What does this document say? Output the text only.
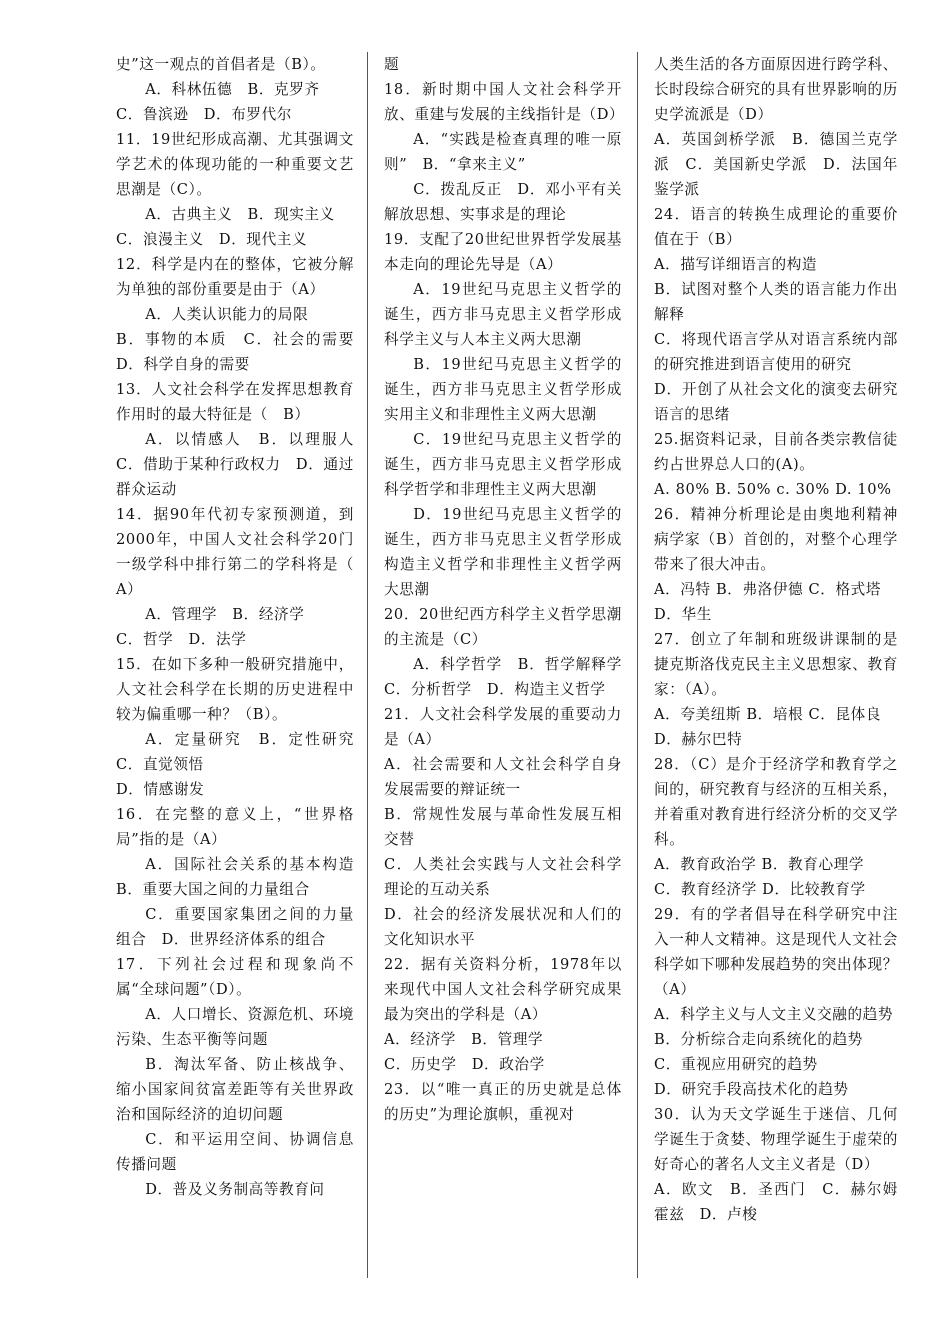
史”这一观点的首倡者是（B）。

A．科林伍德　B．克罗齐

C．鲁滨逊　D．布罗代尔

11．19世纪形成高潮、尤其强调文学艺术的体现功能的一种重要文艺思潮是（C）。

A．古典主义　B．现实主义

C．浪漫主义　D．现代主义

12．科学是内在的整体，它被分解为单独的部份重要是由于（A）

A．人类认识能力的局限

B．事物的本质　C．社会的需要　D．科学自身的需要

13．人文社会科学在发挥思想教育作用时的最大特征是（　B）

A．以情感人　B．以理服人　C．借助于某种行政权力　D．通过群众运动

14．据90年代初专家预测道，到2000年，中国人文社会科学20门一级学科中排行第二的学科将是（　A）

A．管理学　B．经济学

C．哲学　D．法学

15．在如下多种一般研究措施中，人文社会科学在长期的历史进程中较为偏重哪一种？（B）。

A．定量研究　B．定性研究　C．直觉领悟

D．情感谢发

16．在完整的意义上，“世界格局”指的是（A）

A．国际社会关系的基本构造　B．重要大国之间的力量组合

C．重要国家集团之间的力量组合　D．世界经济体系的组合

17．下列社会过程和现象尚不属“全球问题”（D）。

A．人口增长、资源危机、环境污染、生态平衡等问题

B．淘汰军备、防止核战争、缩小国家间贫富差距等有关世界政治和国际经济的迫切问题

C．和平运用空间、协调信息传播问题

D．普及义务制高等教育问

题

18．新时期中国人文社会科学开放、重建与发展的主线指针是（D）

A．“实践是检查真理的唯一原则”　B．“拿来主义”

C．拨乱反正　D．邓小平有关解放思想、实事求是的理论

19．支配了20世纪世界哲学发展基本走向的理论先导是（A）

A．19世纪马克思主义哲学的诞生，西方非马克思主义哲学形成科学主义与人本主义两大思潮

B．19世纪马克思主义哲学的诞生，西方非马克思主义哲学形成实用主义和非理性主义两大思潮

C．19世纪马克思主义哲学的诞生，西方非马克思主义哲学形成科学哲学和非理性主义两大思潮

D．19世纪马克思主义哲学的诞生，西方非马克思主义哲学形成构造主义哲学和非理性主义哲学两大思潮

20．20世纪西方科学主义哲学思潮的主流是（C）

A．科学哲学　B．哲学解释学　C．分析哲学　D．构造主义哲学

21．人文社会科学发展的重要动力是（A）

A．社会需要和人文社会科学自身发展需要的辩证统一

B．常规性发展与革命性发展互相交替

C．人类社会实践与人文社会科学理论的互动关系

D．社会的经济发展状况和人们的文化知识水平

22．据有关资料分析，1978年以来现代中国人文社会科学研究成果最为突出的学科是（A）

A．经济学　B．管理学

C．历史学　D．政治学

23．以“唯一真正的历史就是总体的历史”为理论旗帜，重视对

人类生活的各方面原因进行跨学科、长时段综合研究的具有世界影响的历史学流派是（D）

A．英国剑桥学派　B．德国兰克学派　C．美国新史学派　D．法国年鉴学派

24．语言的转换生成理论的重要价值在于（B）

A．描写详细语言的构造

B．试图对整个人类的语言能力作出解释

C．将现代语言学从对语言系统内部的研究推进到语言使用的研究

D．开创了从社会文化的演变去研究语言的思绪

25.据资料记录，目前各类宗教信徒约占世界总人口的(A)。

A. 80% B. 50% c. 30% D. 10%

26．精神分析理论是由奥地利精神病学家（B）首创的，对整个心理学带来了很大冲击。

A．冯特 B．弗洛伊德 C．格式塔

D．华生

27．创立了年制和班级讲课制的是捷克斯洛伐克民主主义思想家、教育家：（A）。

A．夸美纽斯 B．培根 C．昆体良

D．赫尔巴特

28．（C）是介于经济学和教育学之间的，研究教育与经济的互相关系，并着重对教育进行经济分析的交叉学科。

A．教育政治学 B．教育心理学

C．教育经济学 D．比较教育学

29．有的学者倡导在科学研究中注入一种人文精神。这是现代人文社会科学如下哪种发展趋势的突出体现？（A）

A．科学主义与人文主义交融的趋势

B．分析综合走向系统化的趋势

C．重视应用研究的趋势

D．研究手段高技术化的趋势

30．认为天文学诞生于迷信、几何学诞生于贪婪、物理学诞生于虚荣的好奇心的著名人文主义者是（D）

A．欧文　B．圣西门　C．赫尔姆霍兹　D．卢梭
